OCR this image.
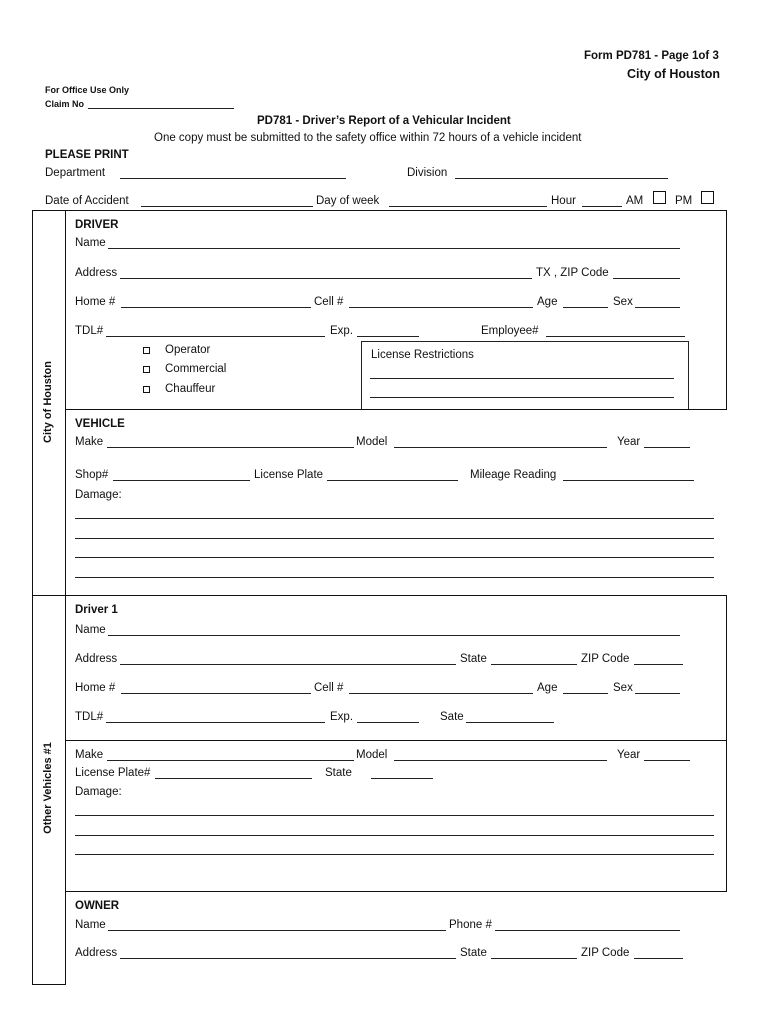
Form PD781 - Page 1of 3
City of Houston
For Office Use Only
Claim No
PD781 - Driver’s Report of a Vehicular Incident
One copy must be submitted to the safety office within 72 hours of a vehicle incident
PLEASE PRINT
Department	Division
Date of Accident	Day of week	Hour	AM	PM
City of Houston
Other Vehicles #1
DRIVER
Name
Address	TX , ZIP Code
Home #	Cell #	Age	Sex
TDL#	Exp.	Employee#
Operator
Commercial
Chauffeur
License Restrictions
VEHICLE
Make	Model	Year
Shop#	License Plate	Mileage Reading
Damage:
Driver 1
Name
Address	State	ZIP Code
Home #	Cell #	Age	Sex
TDL#	Exp.	Sate
Make	Model	Year
License Plate#	State
Damage:
OWNER
Name	Phone #
Address	State	ZIP Code
